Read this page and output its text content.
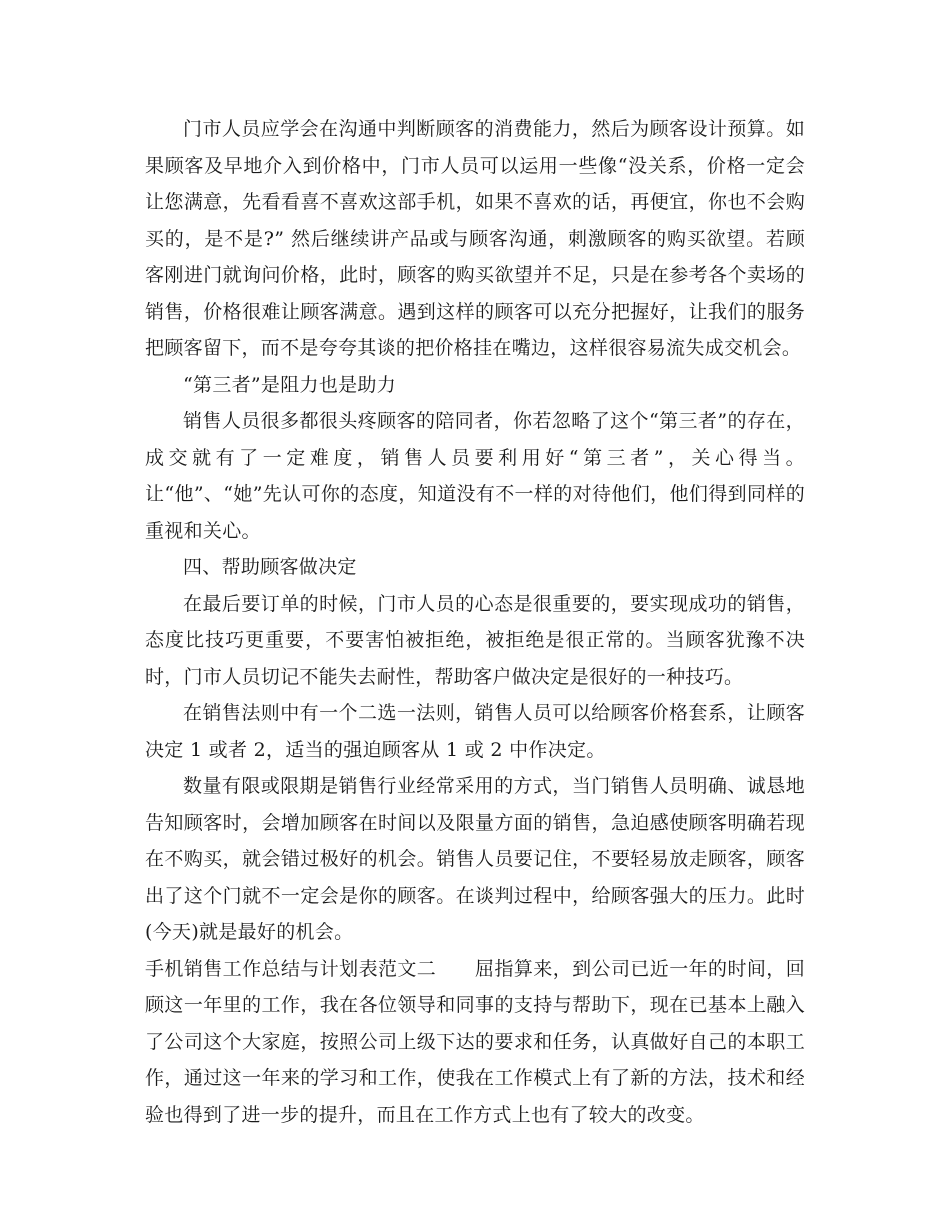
门市人员应学会在沟通中判断顾客的消费能力，然后为顾客设计预算。如果顾客及早地介入到价格中，门市人员可以运用一些像“没关系，价格一定会让您满意，先看看喜不喜欢这部手机，如果不喜欢的话，再便宜，你也不会购买的，是不是?” 然后继续讲产品或与顾客沟通，刺激顾客的购买欲望。若顾客刚进门就询问价格，此时，顾客的购买欲望并不足，只是在参考各个卖场的销售，价格很难让顾客满意。遇到这样的顾客可以充分把握好，让我们的服务把顾客留下，而不是夸夸其谈的把价格挂在嘴边，这样很容易流失成交机会。

“第三者”是阻力也是助力

销售人员很多都很头疼顾客的陪同者，你若忽略了这个“第三者”的存在，成交就有了一定难度，销售人员要利用好“第三者”，关心得当。让“他”、“她”先认可你的态度，知道没有不一样的对待他们，他们得到同样的重视和关心。

四、帮助顾客做决定

在最后要订单的时候，门市人员的心态是很重要的，要实现成功的销售，态度比技巧更重要，不要害怕被拒绝，被拒绝是很正常的。当顾客犹豫不决时，门市人员切记不能失去耐性，帮助客户做决定是很好的一种技巧。

在销售法则中有一个二选一法则，销售人员可以给顾客价格套系，让顾客决定 1 或者 2，适当的强迫顾客从 1 或 2 中作决定。

数量有限或限期是销售行业经常采用的方式，当门销售人员明确、诚恳地告知顾客时，会增加顾客在时间以及限量方面的销售，急迫感使顾客明确若现在不购买，就会错过极好的机会。销售人员要记住，不要轻易放走顾客，顾客出了这个门就不一定会是你的顾客。在谈判过程中，给顾客强大的压力。此时(今天)就是最好的机会。

手机销售工作总结与计划表范文二　　屈指算来，到公司已近一年的时间，回顾这一年里的工作，我在各位领导和同事的支持与帮助下，现在已基本上融入了公司这个大家庭，按照公司上级下达的要求和任务，认真做好自己的本职工作，通过这一年来的学习和工作，使我在工作模式上有了新的方法，技术和经验也得到了进一步的提升，而且在工作方式上也有了较大的改变。
